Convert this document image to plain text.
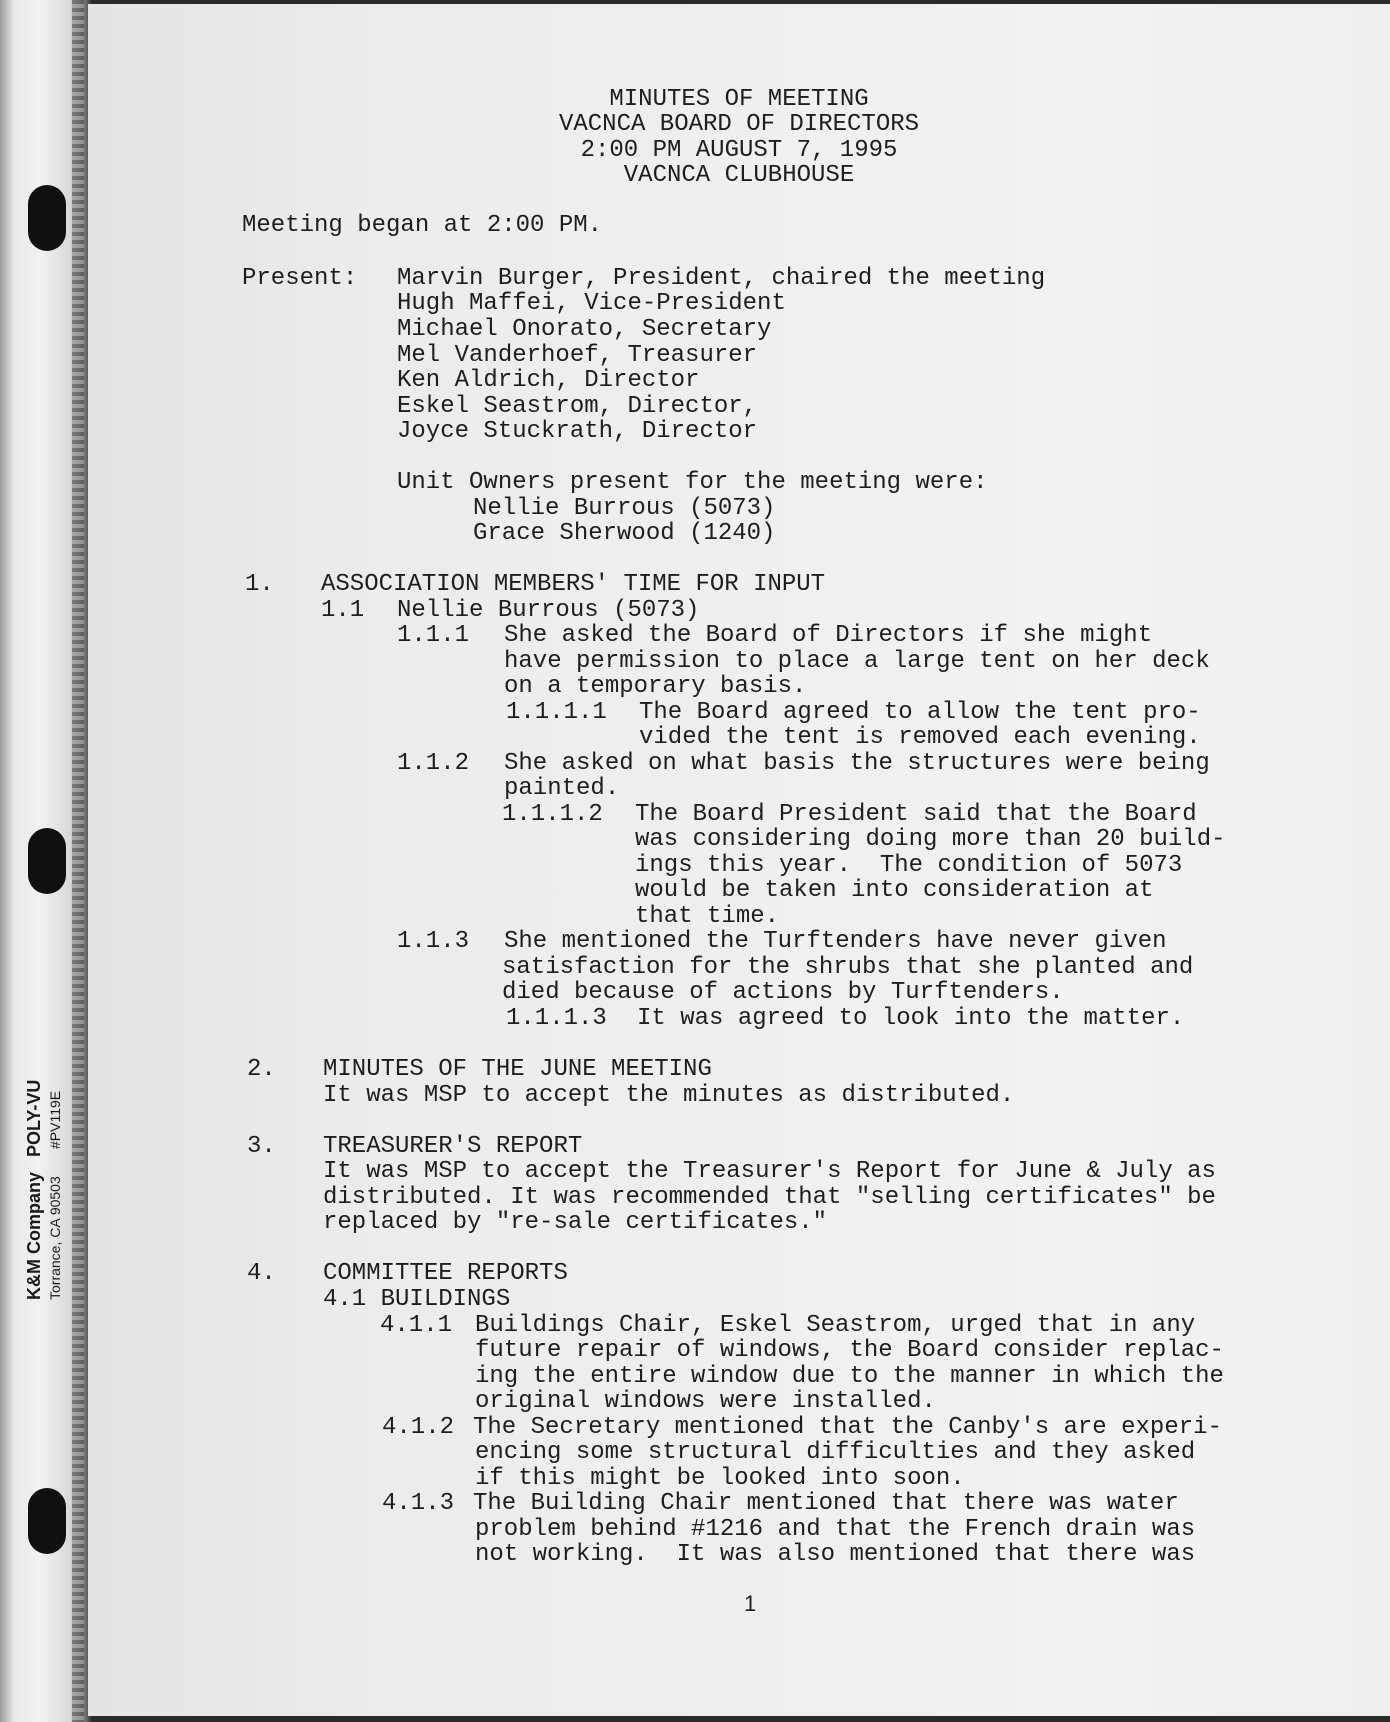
K&M Company   POLY-VU
Torrance, CA 90503       #PV119E
MINUTES OF MEETING
VACNCA BOARD OF DIRECTORS
2:00 PM AUGUST 7, 1995
VACNCA CLUBHOUSE
Meeting began at 2:00 PM.
Present: Marvin Burger, President, chaired the meeting
Hugh Maffei, Vice-President
Michael Onorato, Secretary
Mel Vanderhoef, Treasurer
Ken Aldrich, Director
Eskel Seastrom, Director,
Joyce Stuckrath, Director
Unit Owners present for the meeting were:
Nellie Burrous (5073)
Grace Sherwood (1240)
1. ASSOCIATION MEMBERS' TIME FOR INPUT
1.1 Nellie Burrous (5073)
1.1.1 She asked the Board of Directors if she might
have permission to place a large tent on her deck
on a temporary basis.
1.1.1.1 The Board agreed to allow the tent pro-
vided the tent is removed each evening.
1.1.2 She asked on what basis the structures were being
painted.
1.1.1.2 The Board President said that the Board
was considering doing more than 20 build-
ings this year.  The condition of 5073
would be taken into consideration at
that time.
1.1.3 She mentioned the Turftenders have never given
satisfaction for the shrubs that she planted and
died because of actions by Turftenders.
1.1.1.3 It was agreed to look into the matter.
2. MINUTES OF THE JUNE MEETING
It was MSP to accept the minutes as distributed.
3. TREASURER'S REPORT
It was MSP to accept the Treasurer's Report for June & July as
distributed. It was recommended that "selling certificates" be
replaced by "re-sale certificates."
4. COMMITTEE REPORTS
4.1 BUILDINGS
4.1.1 Buildings Chair, Eskel Seastrom, urged that in any
future repair of windows, the Board consider replac-
ing the entire window due to the manner in which the
original windows were installed.
4.1.2 The Secretary mentioned that the Canby's are experi-
encing some structural difficulties and they asked
if this might be looked into soon.
4.1.3 The Building Chair mentioned that there was water
problem behind #1216 and that the French drain was
not working.  It was also mentioned that there was
1
